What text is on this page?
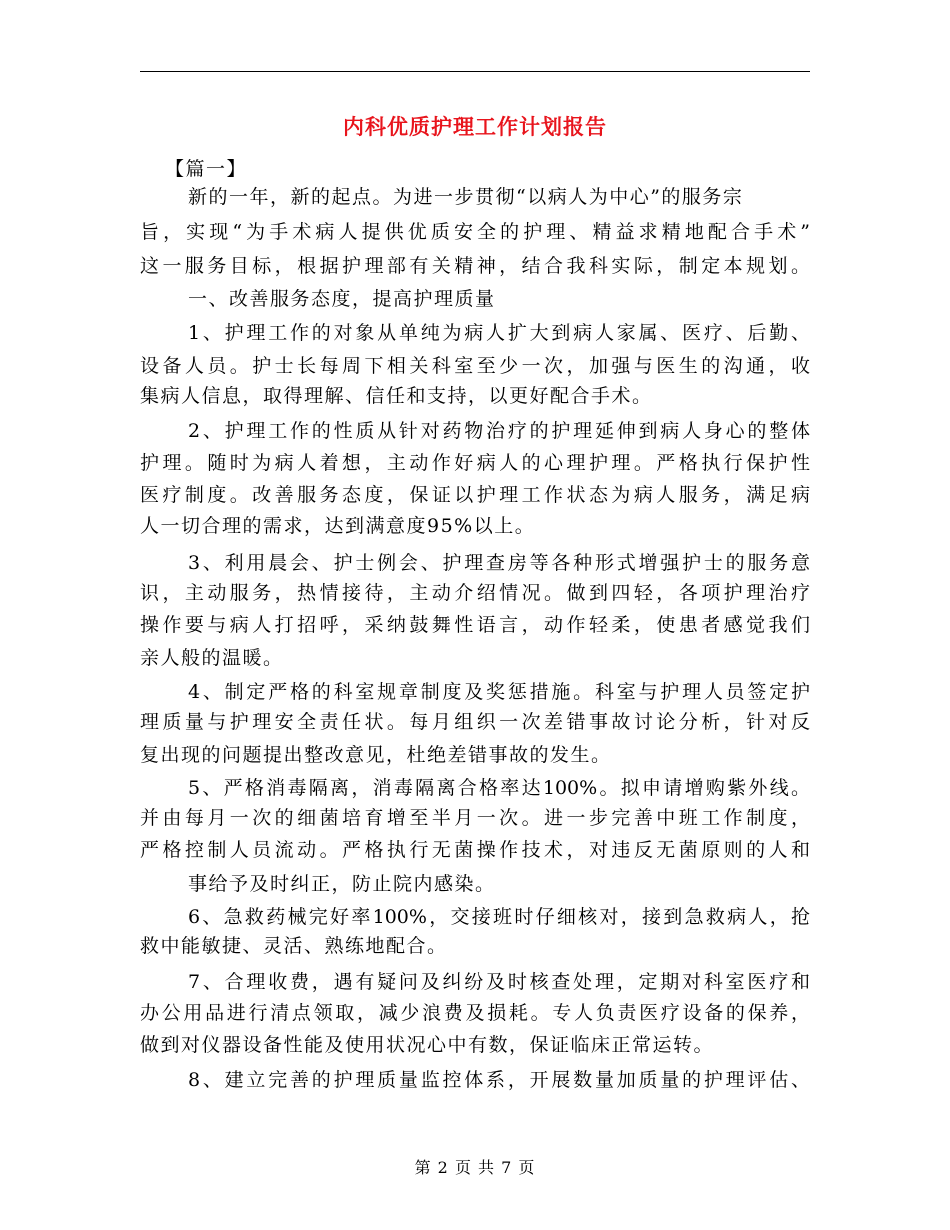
内科优质护理工作计划报告
【篇一】
新的一年，新的起点。为进一步贯彻“以病人为中心”的服务宗
旨，实现“为手术病人提供优质安全的护理、精益求精地配合手术”
这一服务目标，根据护理部有关精神，结合我科实际，制定本规划。
一、改善服务态度，提高护理质量
1、护理工作的对象从单纯为病人扩大到病人家属、医疗、后勤、
设备人员。护士长每周下相关科室至少一次，加强与医生的沟通，收
集病人信息，取得理解、信任和支持，以更好配合手术。
2、护理工作的性质从针对药物治疗的护理延伸到病人身心的整体
护理。随时为病人着想，主动作好病人的心理护理。严格执行保护性
医疗制度。改善服务态度，保证以护理工作状态为病人服务，满足病
人一切合理的需求，达到满意度95%以上。
3、利用晨会、护士例会、护理查房等各种形式增强护士的服务意
识，主动服务，热情接待，主动介绍情况。做到四轻，各项护理治疗
操作要与病人打招呼，采纳鼓舞性语言，动作轻柔，使患者感觉我们
亲人般的温暖。
4、制定严格的科室规章制度及奖惩措施。科室与护理人员签定护
理质量与护理安全责任状。每月组织一次差错事故讨论分析，针对反
复出现的问题提出整改意见，杜绝差错事故的发生。
5、严格消毒隔离，消毒隔离合格率达100%。拟申请增购紫外线。
并由每月一次的细菌培育增至半月一次。进一步完善中班工作制度，
严格控制人员流动。严格执行无菌操作技术，对违反无菌原则的人和
事给予及时纠正，防止院内感染。
6、急救药械完好率100%，交接班时仔细核对，接到急救病人，抢
救中能敏捷、灵活、熟练地配合。
7、合理收费，遇有疑问及纠纷及时核查处理，定期对科室医疗和
办公用品进行清点领取，减少浪费及损耗。专人负责医疗设备的保养，
做到对仪器设备性能及使用状况心中有数，保证临床正常运转。
8、建立完善的护理质量监控体系，开展数量加质量的护理评估、
第 2 页 共 7 页
